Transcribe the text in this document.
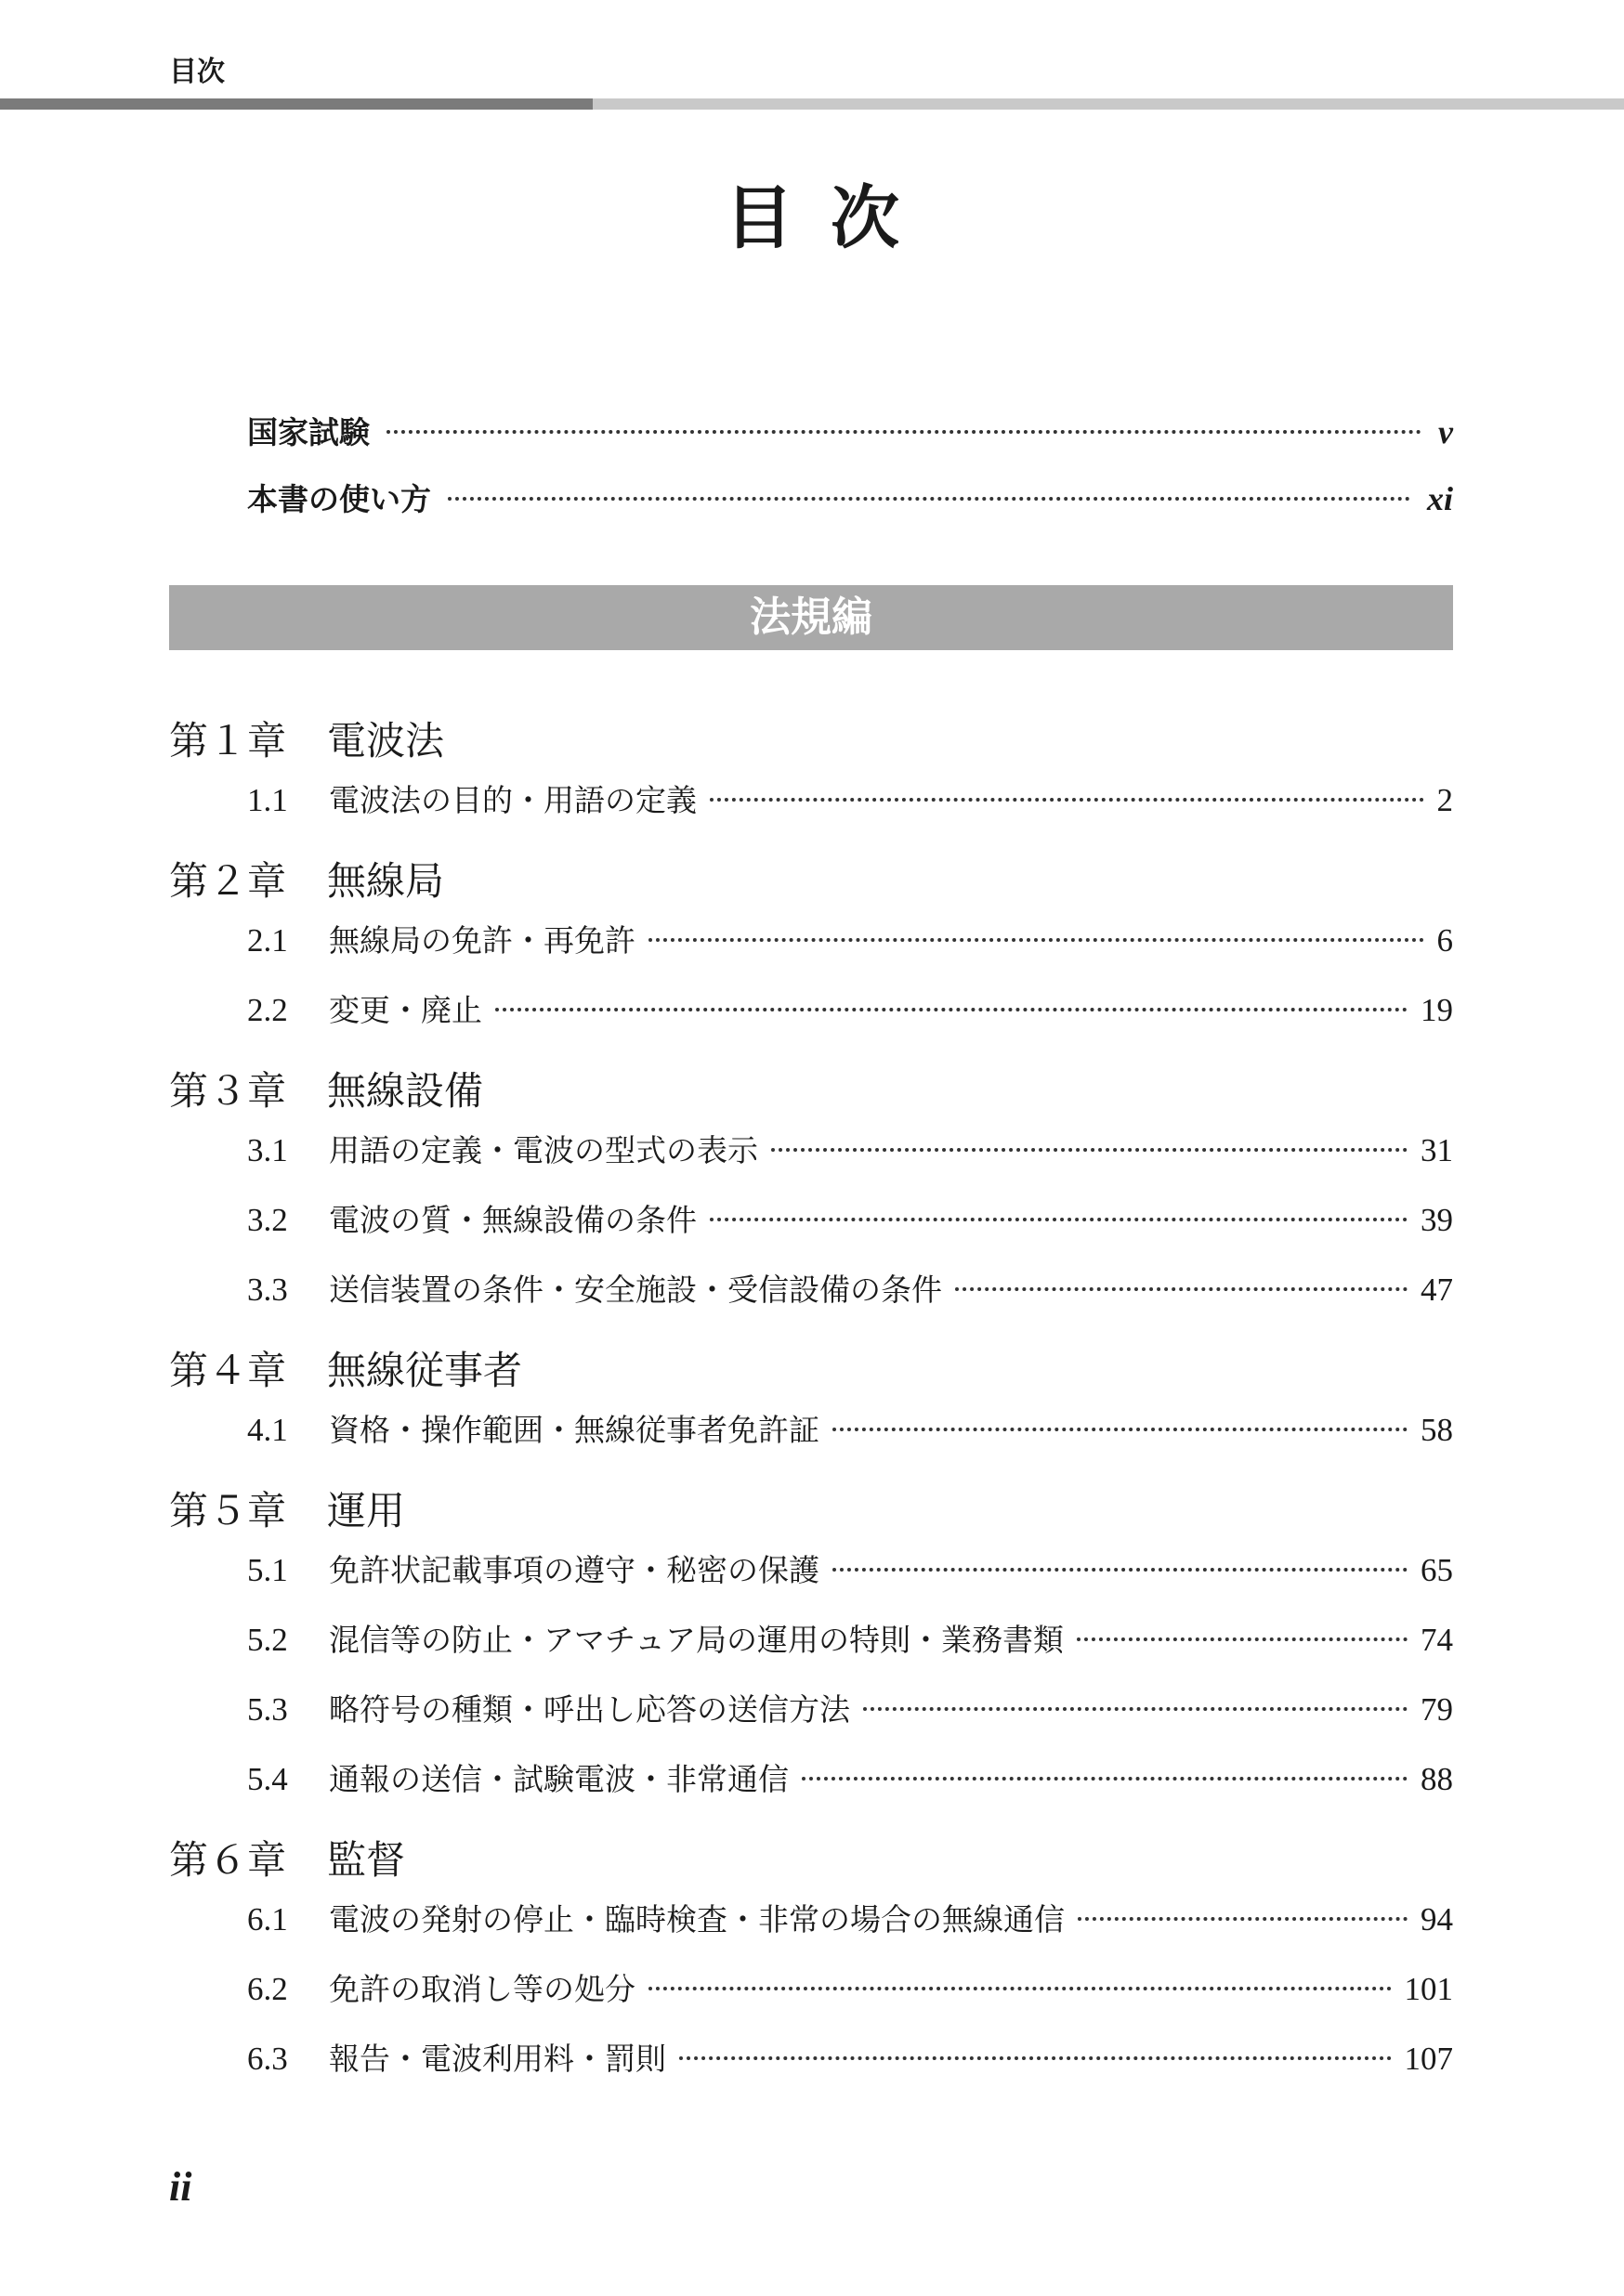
目次
目次
国家試験	v
本書の使い方	xi
法規編
第１章 電波法
1.1	電波法の目的・用語の定義	2
第２章 無線局
2.1	無線局の免許・再免許	6
2.2	変更・廃止	19
第３章 無線設備
3.1	用語の定義・電波の型式の表示	31
3.2	電波の質・無線設備の条件	39
3.3	送信装置の条件・安全施設・受信設備の条件	47
第４章 無線従事者
4.1	資格・操作範囲・無線従事者免許証	58
第５章 運用
5.1	免許状記載事項の遵守・秘密の保護	65
5.2	混信等の防止・アマチュア局の運用の特則・業務書類	74
5.3	略符号の種類・呼出し応答の送信方法	79
5.4	通報の送信・試験電波・非常通信	88
第６章 監督
6.1	電波の発射の停止・臨時検査・非常の場合の無線通信	94
6.2	免許の取消し等の処分	101
6.3	報告・電波利用料・罰則	107
ii
